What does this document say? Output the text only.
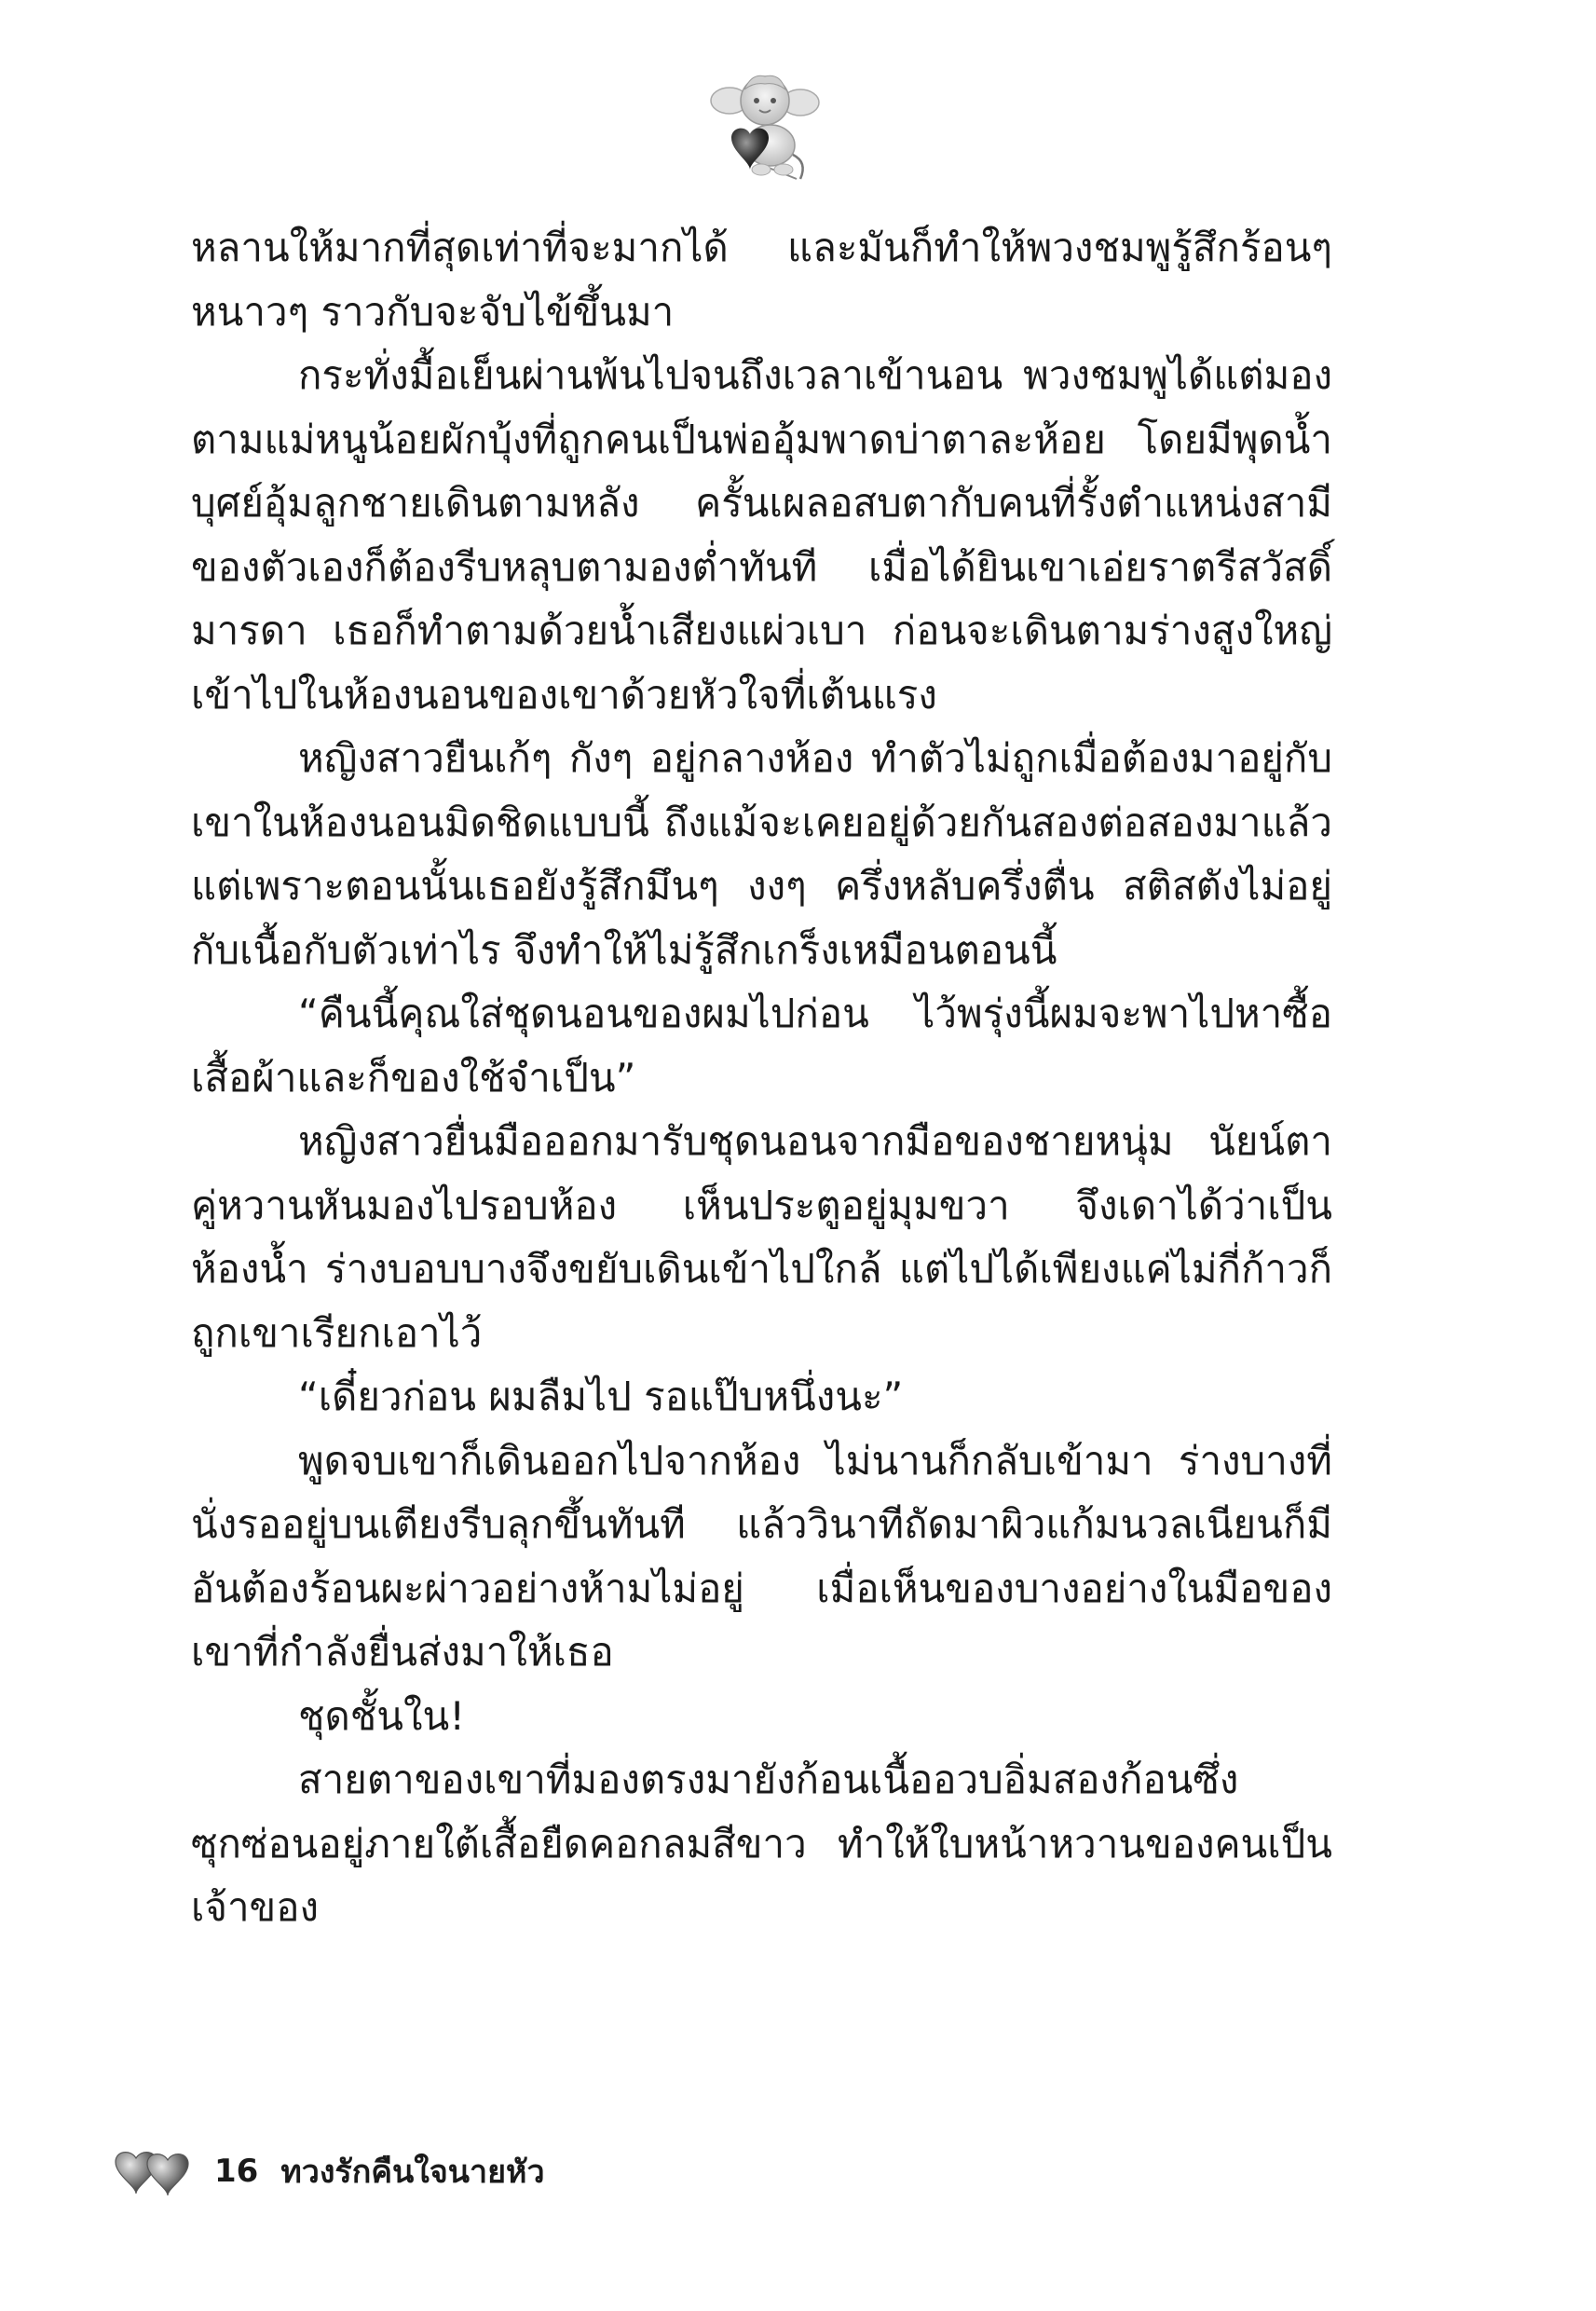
หลานให้มากที่สุดเท่าที่จะมากได้ และมันก็ทำให้พวงชมพูรู้สึกร้อนๆ หนาวๆ ราวกับจะจับไข้ขึ้นมา

กระทั่งมื้อเย็นผ่านพ้นไปจนถึงเวลาเข้านอน พวงชมพูได้แต่มองตามแม่หนูน้อยผักบุ้งที่ถูกคนเป็นพ่ออุ้มพาดบ่าตาละห้อย โดยมีพุดน้ำบุศย์อุ้มลูกชายเดินตามหลัง ครั้นเผลอสบตากับคนที่รั้งตำแหน่งสามีของตัวเองก็ต้องรีบหลุบตามองต่ำทันที เมื่อได้ยินเขาเอ่ยราตรีสวัสดิ์มารดา เธอก็ทำตามด้วยน้ำเสียงแผ่วเบา ก่อนจะเดินตามร่างสูงใหญ่เข้าไปในห้องนอนของเขาด้วยหัวใจที่เต้นแรง

หญิงสาวยืนเก้ๆ กังๆ อยู่กลางห้อง ทำตัวไม่ถูกเมื่อต้องมาอยู่กับเขาในห้องนอนมิดชิดแบบนี้ ถึงแม้จะเคยอยู่ด้วยกันสองต่อสองมาแล้ว แต่เพราะตอนนั้นเธอยังรู้สึกมึนๆ งงๆ ครึ่งหลับครึ่งตื่น สติสตังไม่อยู่กับเนื้อกับตัวเท่าไร จึงทำให้ไม่รู้สึกเกร็งเหมือนตอนนี้

“คืนนี้คุณใส่ชุดนอนของผมไปก่อน ไว้พรุ่งนี้ผมจะพาไปหาซื้อเสื้อผ้าและก็ของใช้จำเป็น”

หญิงสาวยื่นมือออกมารับชุดนอนจากมือของชายหนุ่ม นัยน์ตาคู่หวานหันมองไปรอบห้อง เห็นประตูอยู่มุมขวา จึงเดาได้ว่าเป็นห้องน้ำ ร่างบอบบางจึงขยับเดินเข้าไปใกล้ แต่ไปได้เพียงแค่ไม่กี่ก้าวก็ถูกเขาเรียกเอาไว้

“เดี๋ยวก่อน ผมลืมไป รอแป๊บหนึ่งนะ”

พูดจบเขาก็เดินออกไปจากห้อง ไม่นานก็กลับเข้ามา ร่างบางที่นั่งรออยู่บนเตียงรีบลุกขึ้นทันที แล้ววินาทีถัดมาผิวแก้มนวลเนียนก็มีอันต้องร้อนผะผ่าวอย่างห้ามไม่อยู่ เมื่อเห็นของบางอย่างในมือของเขาที่กำลังยื่นส่งมาให้เธอ

ชุดชั้นใน!

สายตาของเขาที่มองตรงมายังก้อนเนื้ออวบอิ่มสองก้อนซึ่งซุกซ่อนอยู่ภายใต้เสื้อยืดคอกลมสีขาว ทำให้ใบหน้าหวานของคนเป็นเจ้าของ

16 ทวงรักคืนใจนายหัว
